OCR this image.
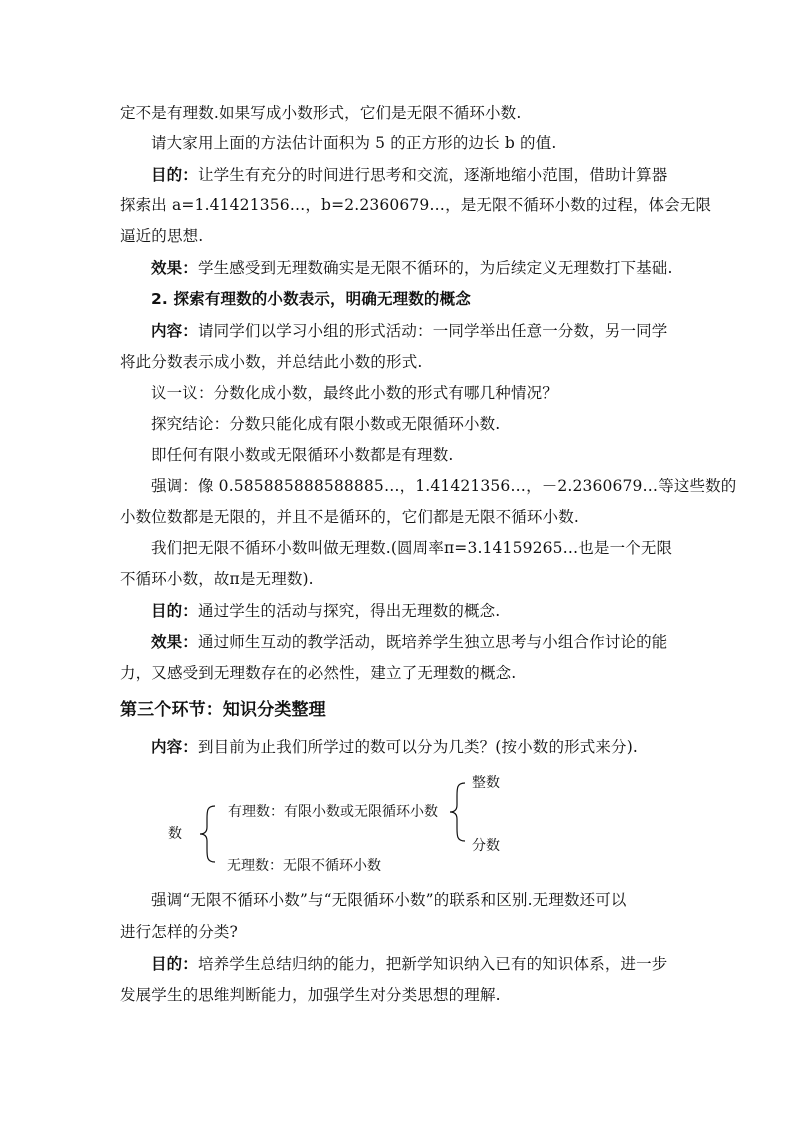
定不是有理数.如果写成小数形式，它们是无限不循环小数.
请大家用上面的方法估计面积为 5 的正方形的边长 b 的值.
目的：让学生有充分的时间进行思考和交流，逐渐地缩小范围，借助计算器
探索出 a=1.41421356…，b=2.2360679…，是无限不循环小数的过程，体会无限
逼近的思想.
效果：学生感受到无理数确实是无限不循环的，为后续定义无理数打下基础.
2. 探索有理数的小数表示，明确无理数的概念
内容：请同学们以学习小组的形式活动：一同学举出任意一分数，另一同学
将此分数表示成小数，并总结此小数的形式.
议一议：分数化成小数，最终此小数的形式有哪几种情况？
探究结论：分数只能化成有限小数或无限循环小数.
即任何有限小数或无限循环小数都是有理数.
强调：像 0.585885888588885…，1.41421356…，－2.2360679…等这些数的
小数位数都是无限的，并且不是循环的，它们都是无限不循环小数.
我们把无限不循环小数叫做无理数.(圆周率π=3.14159265…也是一个无限
不循环小数，故π是无理数).
目的：通过学生的活动与探究，得出无理数的概念.
效果：通过师生互动的教学活动，既培养学生独立思考与小组合作讨论的能
力，又感受到无理数存在的必然性，建立了无理数的概念.
第三个环节：知识分类整理
内容：到目前为止我们所学过的数可以分为几类？(按小数的形式来分).
数
有理数：有限小数或无限循环小数
无理数：无限不循环小数
整数
分数
强调“无限不循环小数”与“无限循环小数”的联系和区别.无理数还可以
进行怎样的分类?
目的：培养学生总结归纳的能力，把新学知识纳入已有的知识体系，进一步
发展学生的思维判断能力，加强学生对分类思想的理解.
